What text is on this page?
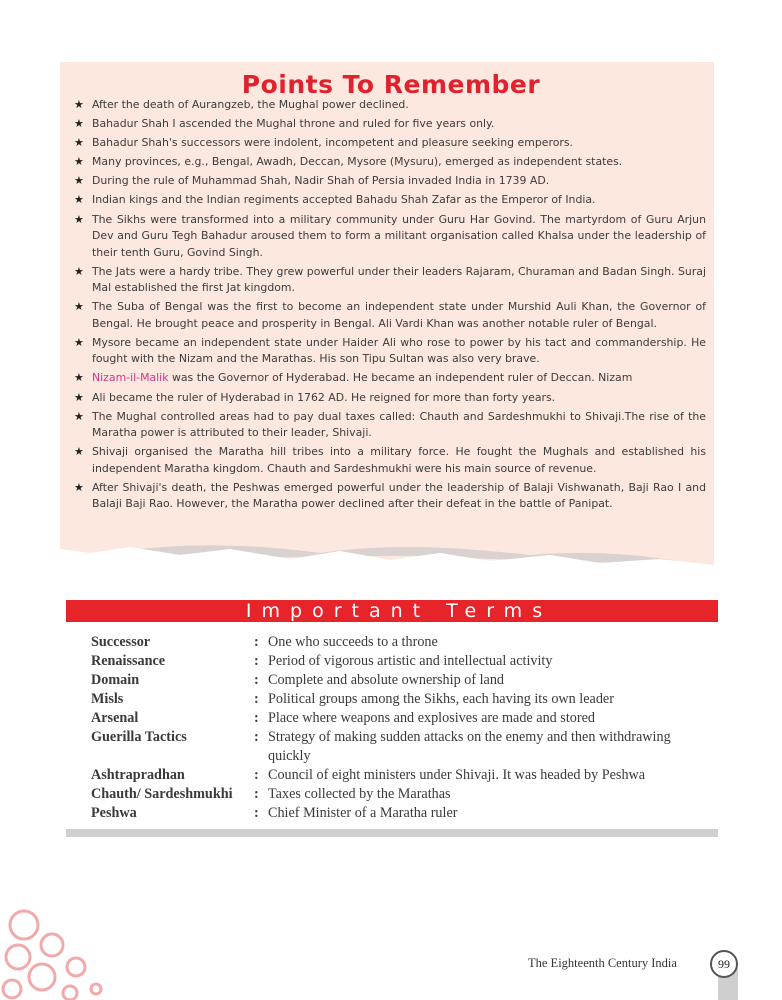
Points To Remember
★ After the death of Aurangzeb, the Mughal power declined.
★ Bahadur Shah I ascended the Mughal throne and ruled for five years only.
★ Bahadur Shah's successors were indolent, incompetent and pleasure seeking emperors.
★ Many provinces, e.g., Bengal, Awadh, Deccan, Mysore (Mysuru), emerged as independent states.
★ During the rule of Muhammad Shah, Nadir Shah of Persia invaded India in 1739 AD.
★ Indian kings and the Indian regiments accepted Bahadu Shah Zafar as the Emperor of India.
★ The Sikhs were transformed into a military community under Guru Har Govind. The martyrdom of Guru Arjun Dev and Guru Tegh Bahadur aroused them to form a militant organisation called Khalsa under the leadership of their tenth Guru, Govind Singh.
★ The Jats were a hardy tribe. They grew powerful under their leaders Rajaram, Churaman and Badan Singh. Suraj Mal established the first Jat kingdom.
★ The Suba of Bengal was the first to become an independent state under Murshid Auli Khan, the Governor of Bengal. He brought peace and prosperity in Bengal. Ali Vardi Khan was another notable ruler of Bengal.
★ Mysore became an independent state under Haider Ali who rose to power by his tact and commandership. He fought with the Nizam and the Marathas. His son Tipu Sultan was also very brave.
★ Nizam-il-Malik was the Governor of Hyderabad. He became an independent ruler of Deccan. Nizam
★ Ali became the ruler of Hyderabad in 1762 AD. He reigned for more than forty years.
★ The Mughal controlled areas had to pay dual taxes called: Chauth and Sardeshmukhi to Shivaji.The rise of the Maratha power is attributed to their leader, Shivaji.
★ Shivaji organised the Maratha hill tribes into a military force. He fought the Mughals and established his independent Maratha kingdom. Chauth and Sardeshmukhi were his main source of revenue.
★ After Shivaji's death, the Peshwas emerged powerful under the leadership of Balaji Vishwanath, Baji Rao I and Balaji Baji Rao. However, the Maratha power declined after their defeat in the battle of Panipat.
Important Terms
Successor	: One who succeeds to a throne
Renaissance	: Period of vigorous artistic and intellectual activity
Domain	: Complete and absolute ownership of land
Misls	: Political groups among the Sikhs, each having its own leader
Arsenal	: Place where weapons and explosives are made and stored
Guerilla Tactics	: Strategy of making sudden attacks on the enemy and then withdrawing quickly
Ashtrapradhan	: Council of eight ministers under Shivaji. It was headed by Peshwa
Chauth/ Sardeshmukhi	: Taxes collected by the Marathas
Peshwa	: Chief Minister of a Maratha ruler
The Eighteenth Century India	99
